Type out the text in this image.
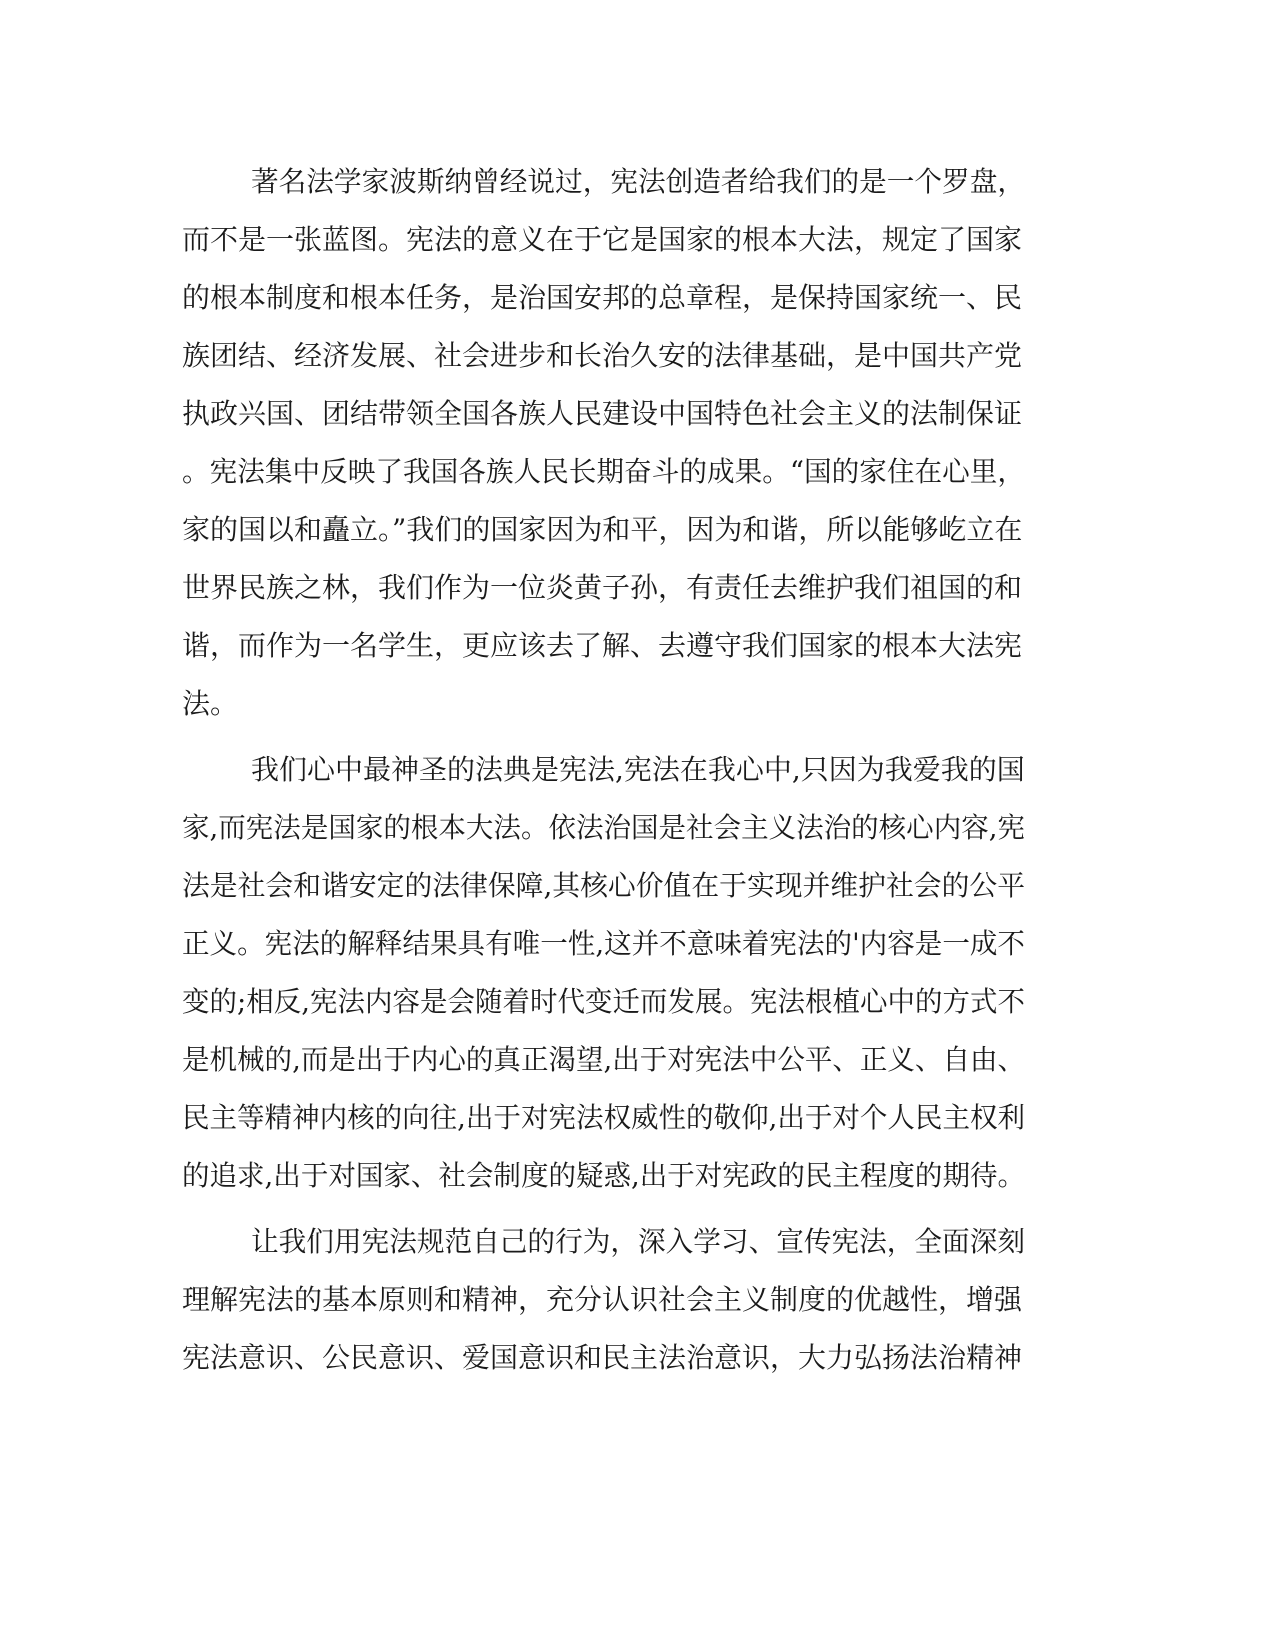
著名法学家波斯纳曾经说过，宪法创造者给我们的是一个罗盘，
而不是一张蓝图。宪法的意义在于它是国家的根本大法，规定了国家
的根本制度和根本任务，是治国安邦的总章程，是保持国家统一、民
族团结、经济发展、社会进步和长治久安的法律基础，是中国共产党
执政兴国、团结带领全国各族人民建设中国特色社会主义的法制保证
。宪法集中反映了我国各族人民长期奋斗的成果。“国的家住在心里，
家的国以和矗立。”我们的国家因为和平，因为和谐，所以能够屹立在
世界民族之林，我们作为一位炎黄子孙，有责任去维护我们祖国的和
谐，而作为一名学生，更应该去了解、去遵守我们国家的根本大法宪
法。
我们心中最神圣的法典是宪法,宪法在我心中,只因为我爱我的国
家,而宪法是国家的根本大法。依法治国是社会主义法治的核心内容,宪
法是社会和谐安定的法律保障,其核心价值在于实现并维护社会的公平
正义。宪法的解释结果具有唯一性,这并不意味着宪法的'内容是一成不
变的;相反,宪法内容是会随着时代变迁而发展。宪法根植心中的方式不
是机械的,而是出于内心的真正渴望,出于对宪法中公平、正义、自由、
民主等精神内核的向往,出于对宪法权威性的敬仰,出于对个人民主权利
的追求,出于对国家、社会制度的疑惑,出于对宪政的民主程度的期待。
让我们用宪法规范自己的行为，深入学习、宣传宪法，全面深刻
理解宪法的基本原则和精神，充分认识社会主义制度的优越性，增强
宪法意识、公民意识、爱国意识和民主法治意识，大力弘扬法治精神
